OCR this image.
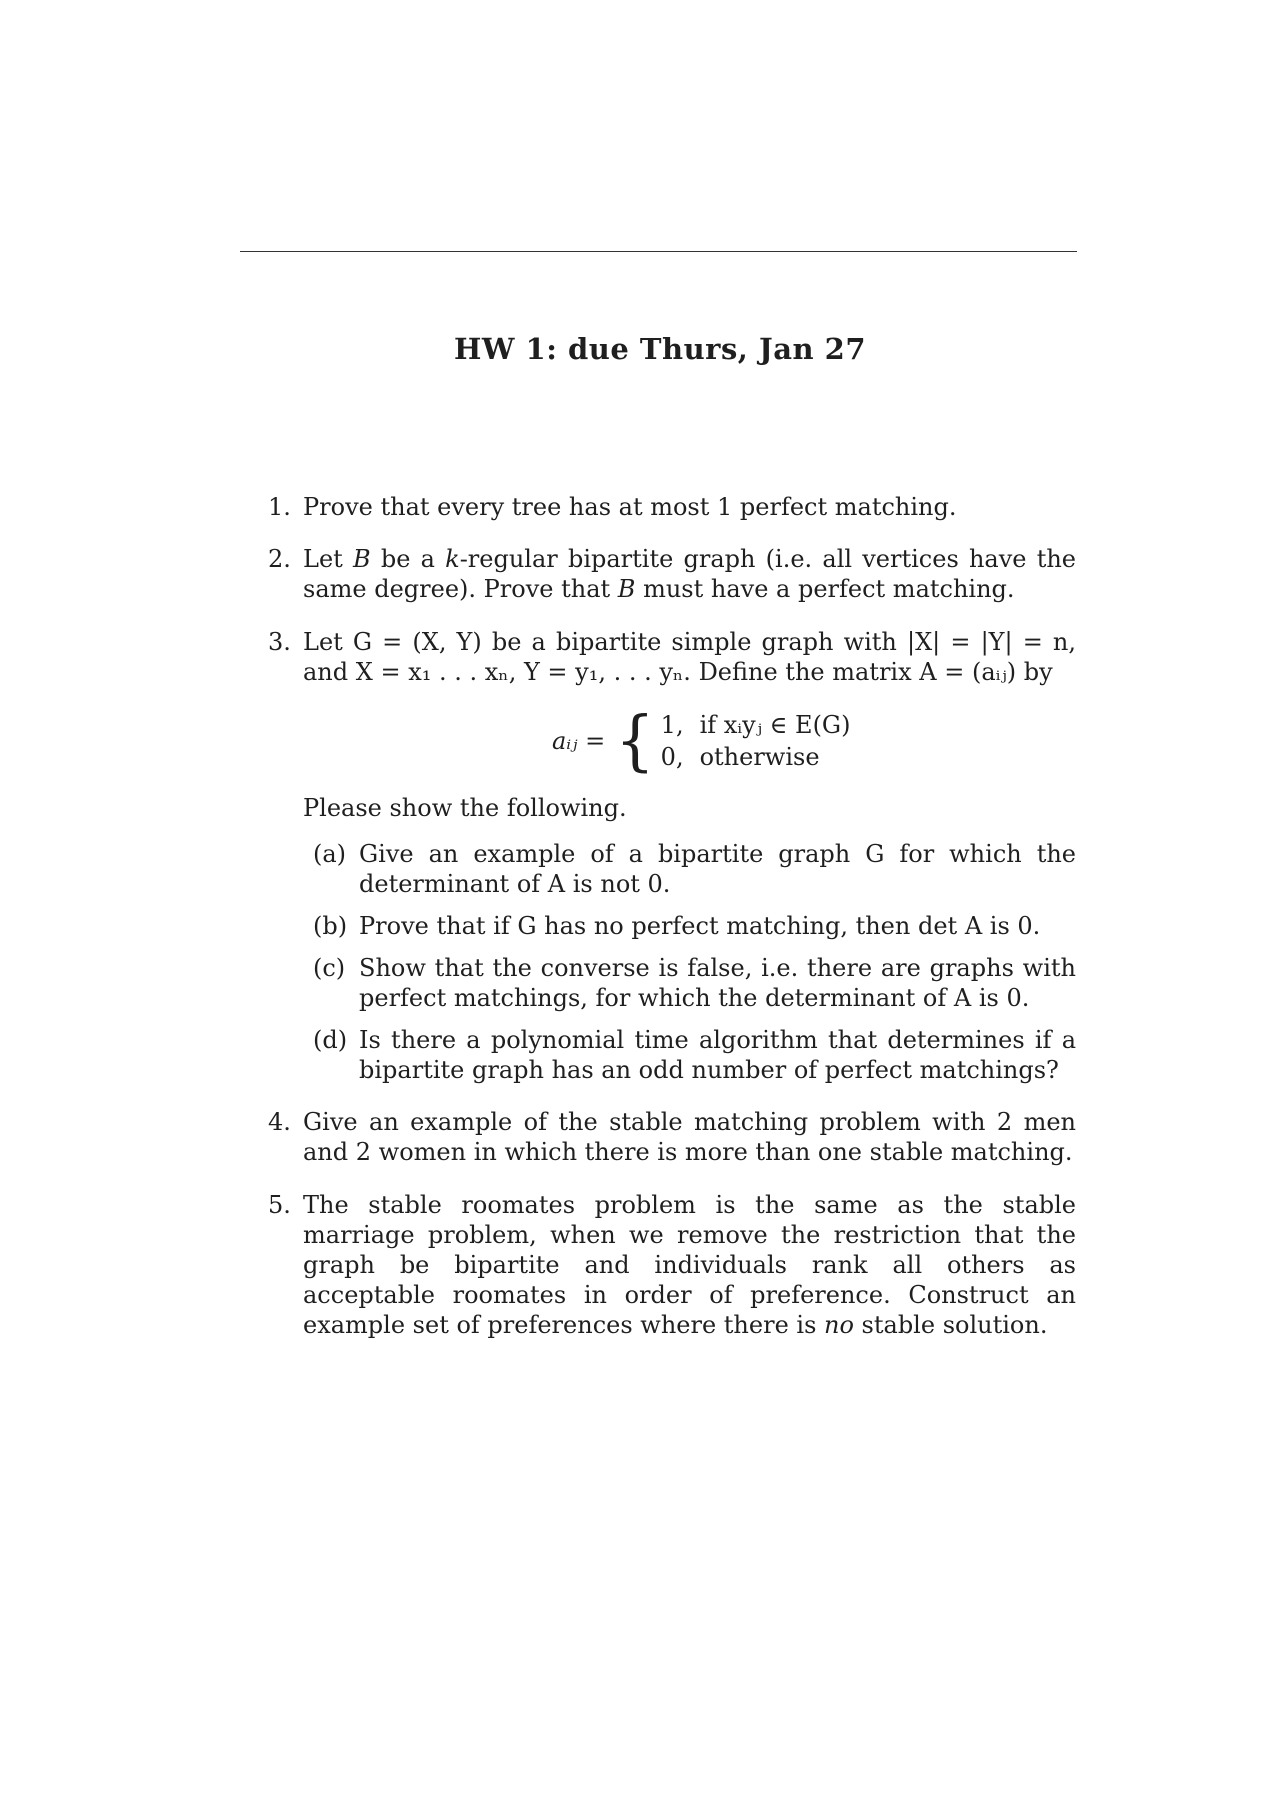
HW 1: due Thurs, Jan 27
1. Prove that every tree has at most 1 perfect matching.
2. Let B be a k-regular bipartite graph (i.e. all vertices have the same degree). Prove that B must have a perfect matching.
3. Let G = (X, Y) be a bipartite simple graph with |X| = |Y| = n, and X = x₁ . . . xₙ, Y = y₁, . . . yₙ. Define the matrix A = (aᵢⱼ) by
aᵢⱼ = { 1, if xᵢyⱼ ∈ E(G)
0, otherwise
Please show the following.
(a) Give an example of a bipartite graph G for which the determinant of A is not 0.
(b) Prove that if G has no perfect matching, then det A is 0.
(c) Show that the converse is false, i.e. there are graphs with perfect matchings, for which the determinant of A is 0.
(d) Is there a polynomial time algorithm that determines if a bipartite graph has an odd number of perfect matchings?
4. Give an example of the stable matching problem with 2 men and 2 women in which there is more than one stable matching.
5. The stable roomates problem is the same as the stable marriage problem, when we remove the restriction that the graph be bipartite and individuals rank all others as acceptable roomates in order of preference. Construct an example set of preferences where there is no stable solution.
